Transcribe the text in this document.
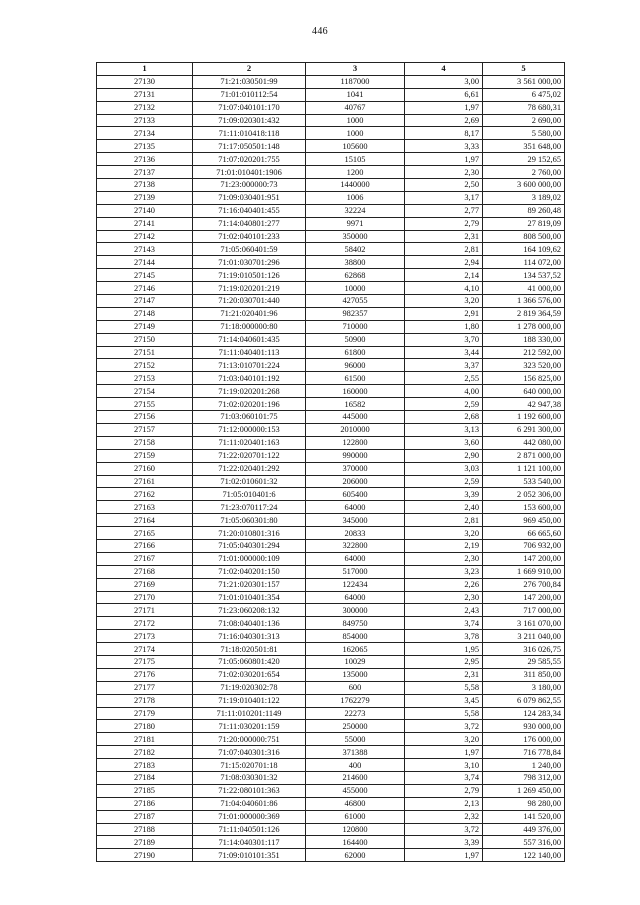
446
1	2	3	4	5
27130	71:21:030501:99	1187000	3,00	3 561 000,00
27131	71:01:010112:54	1041	6,61	6 475,02
27132	71:07:040101:170	40767	1,97	78 680,31
27133	71:09:020301:432	1000	2,69	2 690,00
27134	71:11:010418:118	1000	8,17	5 580,00
27135	71:17:050501:148	105600	3,33	351 648,00
27136	71:07:020201:755	15105	1,97	29 152,65
27137	71:01:010401:1906	1200	2,30	2 760,00
27138	71:23:000000:73	1440000	2,50	3 600 000,00
27139	71:09:030401:951	1006	3,17	3 189,02
27140	71:16:040401:455	32224	2,77	89 260,48
27141	71:14:040801:277	9971	2,79	27 819,09
27142	71:02:040101:233	350000	2,31	808 500,00
27143	71:05:060401:59	58402	2,81	164 109,62
27144	71:01:030701:296	38800	2,94	114 072,00
27145	71:19:010501:126	62868	2,14	134 537,52
27146	71:19:020201:219	10000	4,10	41 000,00
27147	71:20:030701:440	427055	3,20	1 366 576,00
27148	71:21:020401:96	982357	2,91	2 819 364,59
27149	71:18:000000:80	710000	1,80	1 278 000,00
27150	71:14:040601:435	50900	3,70	188 330,00
27151	71:11:040401:113	61800	3,44	212 592,00
27152	71:13:010701:224	96000	3,37	323 520,00
27153	71:03:040101:192	61500	2,55	156 825,00
27154	71:19:020201:268	160000	4,00	640 000,00
27155	71:02:020201:196	16582	2,59	42 947,38
27156	71:03:060101:75	445000	2,68	1 192 600,00
27157	71:12:000000:153	2010000	3,13	6 291 300,00
27158	71:11:020401:163	122800	3,60	442 080,00
27159	71:22:020701:122	990000	2,90	2 871 000,00
27160	71:22:020401:292	370000	3,03	1 121 100,00
27161	71:02:010601:32	206000	2,59	533 540,00
27162	71:05:010401:6	605400	3,39	2 052 306,00
27163	71:23:070117:24	64000	2,40	153 600,00
27164	71:05:060301:80	345000	2,81	969 450,00
27165	71:20:010801:316	20833	3,20	66 665,60
27166	71:05:040301:294	322800	2,19	706 932,00
27167	71:01:000000:109	64000	2,30	147 200,00
27168	71:02:040201:150	517000	3,23	1 669 910,00
27169	71:21:020301:157	122434	2,26	276 700,84
27170	71:01:010401:354	64000	2,30	147 200,00
27171	71:23:060208:132	300000	2,43	717 000,00
27172	71:08:040401:136	849750	3,74	3 161 070,00
27173	71:16:040301:313	854000	3,78	3 211 040,00
27174	71:18:020501:81	162065	1,95	316 026,75
27175	71:05:060801:420	10029	2,95	29 585,55
27176	71:02:030201:654	135000	2,31	311 850,00
27177	71:19:020302:78	600	5,58	3 180,00
27178	71:19:010401:122	1762279	3,45	6 079 862,55
27179	71:11:010201:1149	22273	5,58	124 283,34
27180	71:11:030201:159	250000	3,72	930 000,00
27181	71:20:000000:751	55000	3,20	176 000,00
27182	71:07:040301:316	371388	1,97	716 778,84
27183	71:15:020701:18	400	3,10	1 240,00
27184	71:08:030301:32	214600	3,74	798 312,00
27185	71:22:080101:363	455000	2,79	1 269 450,00
27186	71:04:040601:86	46800	2,13	98 280,00
27187	71:01:000000:369	61000	2,32	141 520,00
27188	71:11:040501:126	120800	3,72	449 376,00
27189	71:14:040301:117	164400	3,39	557 316,00
27190	71:09:010101:351	62000	1,97	122 140,00
